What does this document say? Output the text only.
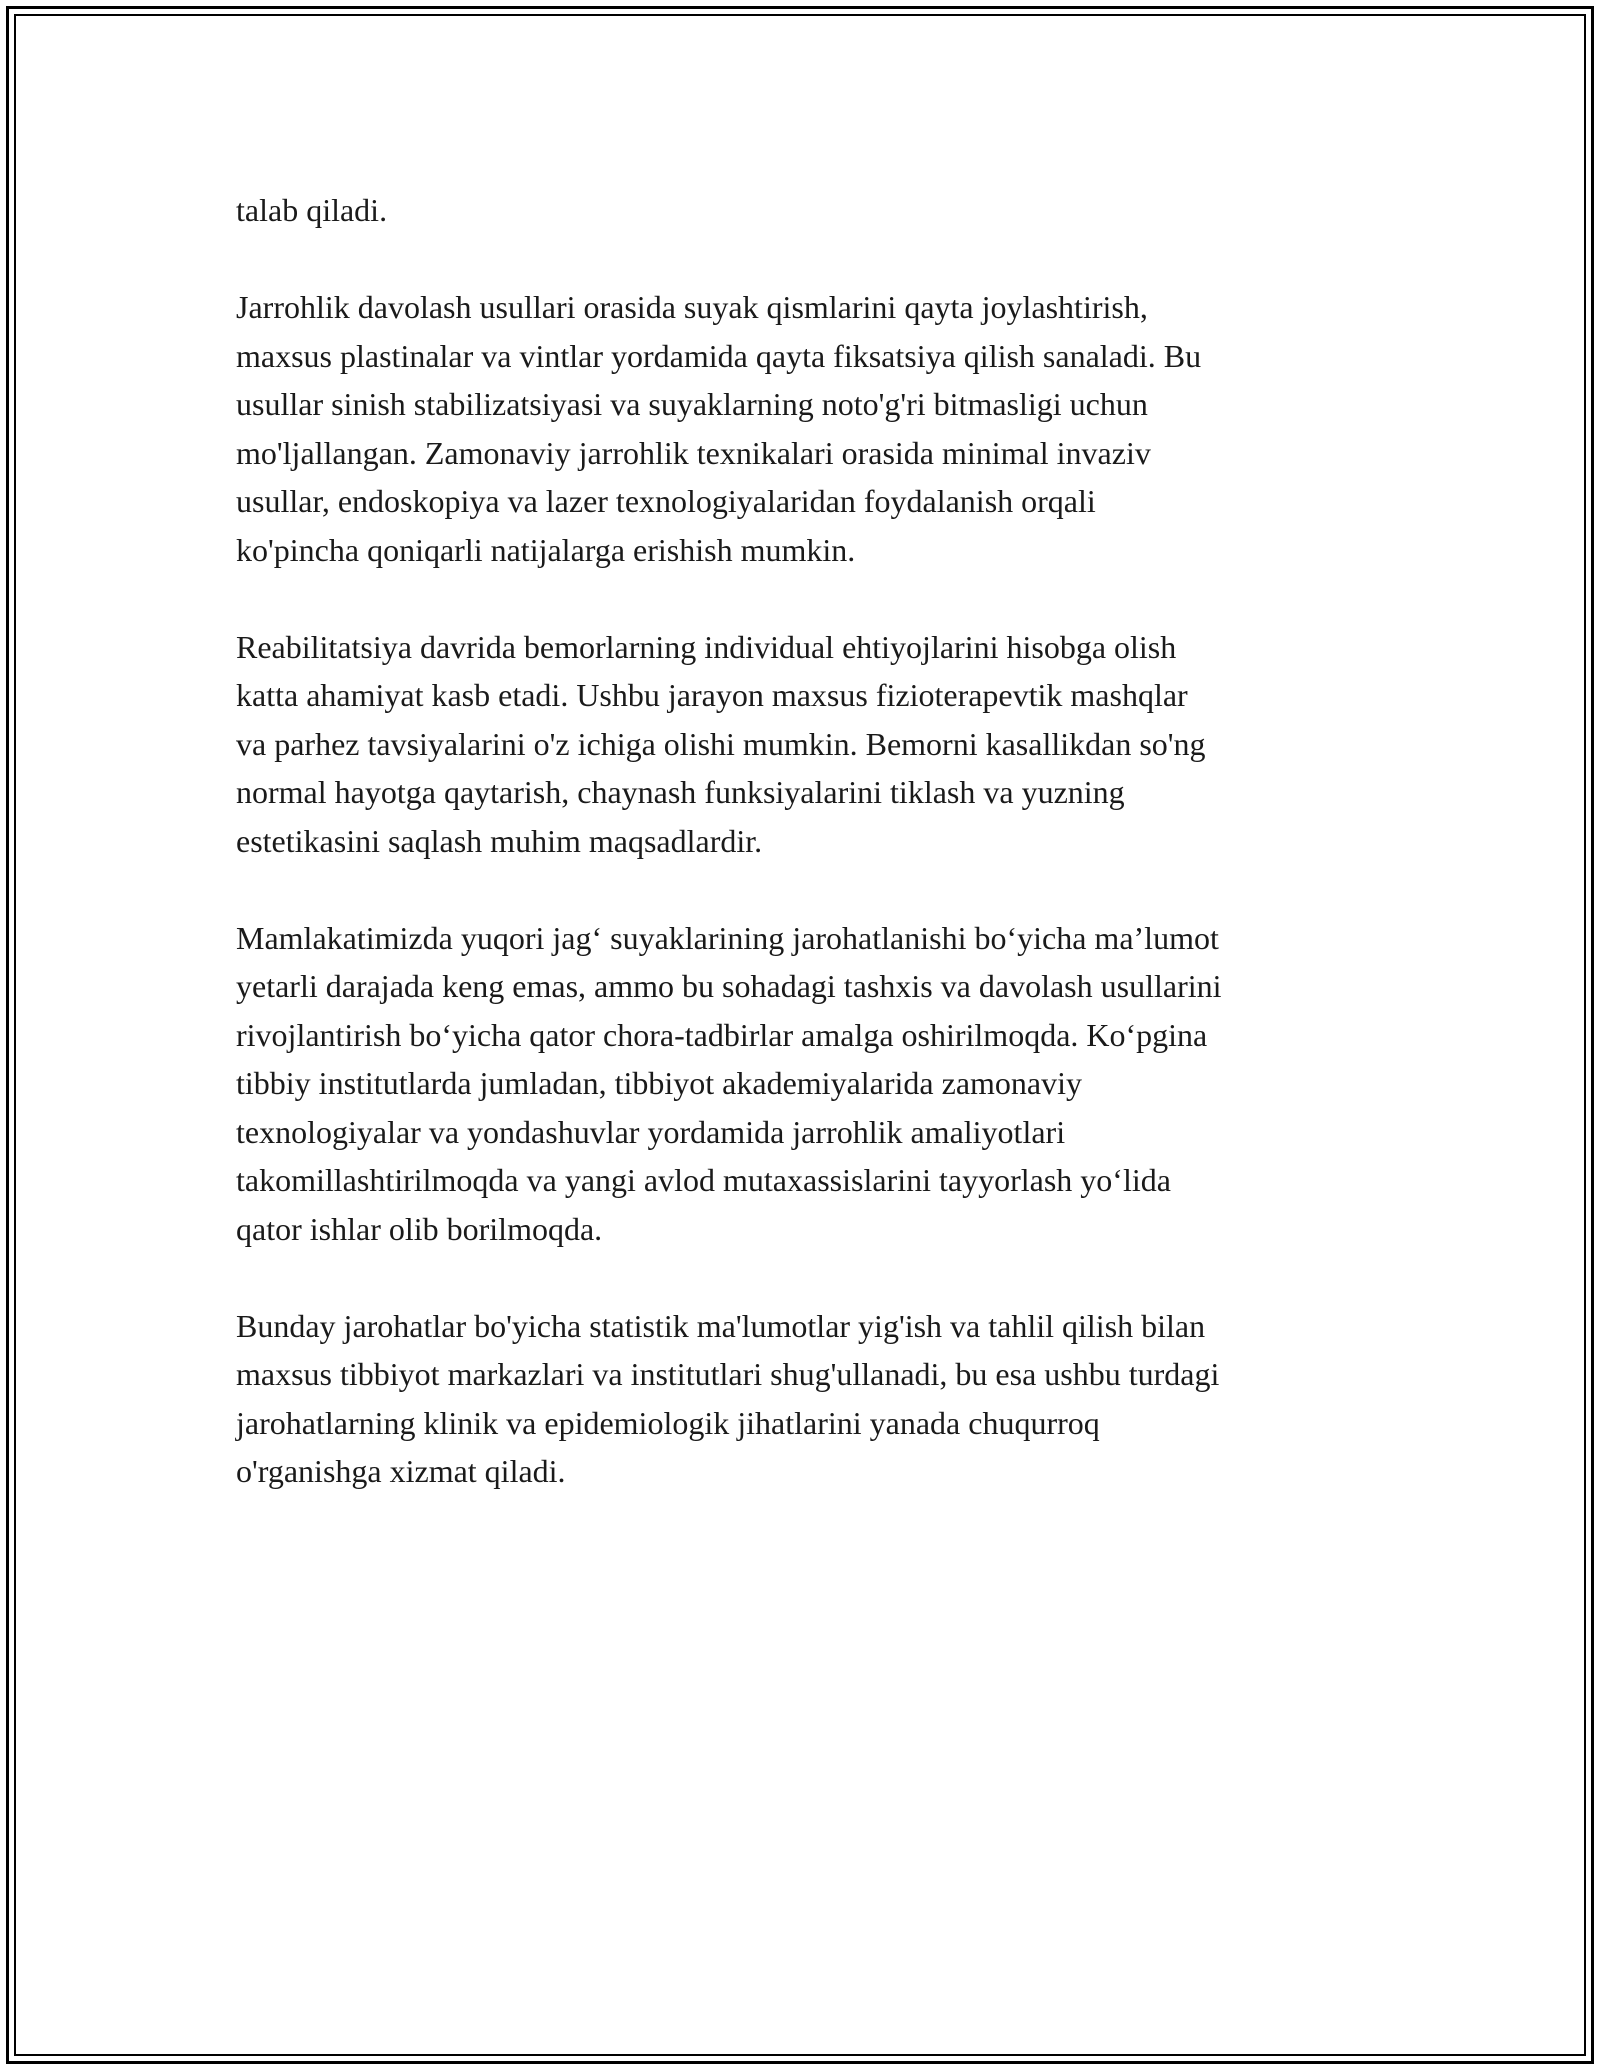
talab qiladi.

Jarrohlik davolash usullari orasida suyak qismlarini qayta joylashtirish,
maxsus plastinalar va vintlar yordamida qayta fiksatsiya qilish sanaladi. Bu
usullar sinish stabilizatsiyasi va suyaklarning noto'g'ri bitmasligi uchun
mo'ljallangan. Zamonaviy jarrohlik texnikalari orasida minimal invaziv
usullar, endoskopiya va lazer texnologiyalaridan foydalanish orqali
ko'pincha qoniqarli natijalarga erishish mumkin.

Reabilitatsiya davrida bemorlarning individual ehtiyojlarini hisobga olish
katta ahamiyat kasb etadi. Ushbu jarayon maxsus fizioterapevtik mashqlar
va parhez tavsiyalarini o'z ichiga olishi mumkin. Bemorni kasallikdan so'ng
normal hayotga qaytarish, chaynash funksiyalarini tiklash va yuzning
estetikasini saqlash muhim maqsadlardir.

Mamlakatimizda yuqori jag‘ suyaklarining jarohatlanishi bo‘yicha ma’lumot
yetarli darajada keng emas, ammo bu sohadagi tashxis va davolash usullarini
rivojlantirish bo‘yicha qator chora-tadbirlar amalga oshirilmoqda. Ko‘pgina
tibbiy institutlarda jumladan, tibbiyot akademiyalarida zamonaviy
texnologiyalar va yondashuvlar yordamida jarrohlik amaliyotlari
takomillashtirilmoqda va yangi avlod mutaxassislarini tayyorlash yo‘lida
qator ishlar olib borilmoqda.

Bunday jarohatlar bo'yicha statistik ma'lumotlar yig'ish va tahlil qilish bilan
maxsus tibbiyot markazlari va institutlari shug'ullanadi, bu esa ushbu turdagi
jarohatlarning klinik va epidemiologik jihatlarini yanada chuqurroq
o'rganishga xizmat qiladi.
